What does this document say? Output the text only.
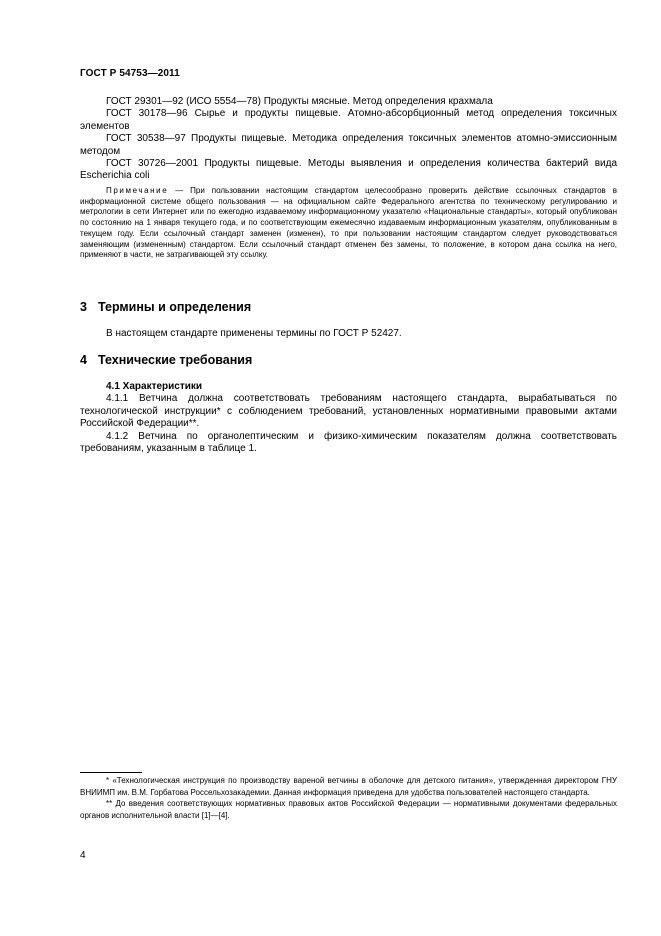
ГОСТ Р 54753—2011

ГОСТ 29301—92 (ИСО 5554—78) Продукты мясные. Метод определения крахмала

ГОСТ 30178—96 Сырье и продукты пищевые. Атомно-абсорбционный метод определения токсичных элементов

ГОСТ 30538—97 Продукты пищевые. Методика определения токсичных элементов атомно-эмиссионным методом

ГОСТ 30726—2001 Продукты пищевые. Методы выявления и определения количества бактерий вида Escherichia coli

Примечание — При пользовании настоящим стандартом целесообразно проверить действие ссылочных стандартов в информационной системе общего пользования — на официальном сайте Федерального агентства по техническому регулированию и метрологии в сети Интернет или по ежегодно издаваемому информационному указателю «Национальные стандарты», который опубликован по состоянию на 1 января текущего года, и по соответствующим ежемесячно издаваемым информационным указателям, опубликованным в текущем году. Если ссылочный стандарт заменен (изменен), то при пользовании настоящим стандартом следует руководствоваться заменяющим (измененным) стандартом. Если ссылочный стандарт отменен без замены, то положение, в котором дана ссылка на него, применяют в части, не затрагивающей эту ссылку.

3 Термины и определения

В настоящем стандарте применены термины по ГОСТ Р 52427.

4 Технические требования

4.1 Характеристики

4.1.1 Ветчина должна соответствовать требованиям настоящего стандарта, вырабатываться по технологической инструкции* с соблюдением требований, установленных нормативными правовыми актами Российской Федерации**.

4.1.2 Ветчина по органолептическим и физико-химическим показателям должна соответствовать требованиям, указанным в таблице 1.

* «Технологическая инструкция по производству вареной ветчины в оболочке для детского питания», утвержденная директором ГНУ ВНИИМП им. В.М. Горбатова Россельхозакадемии. Данная информация приведена для удобства пользователей настоящего стандарта.

** До введения соответствующих нормативных правовых актов Российской Федерации — нормативными документами федеральных органов исполнительной власти [1]—[4].

4
